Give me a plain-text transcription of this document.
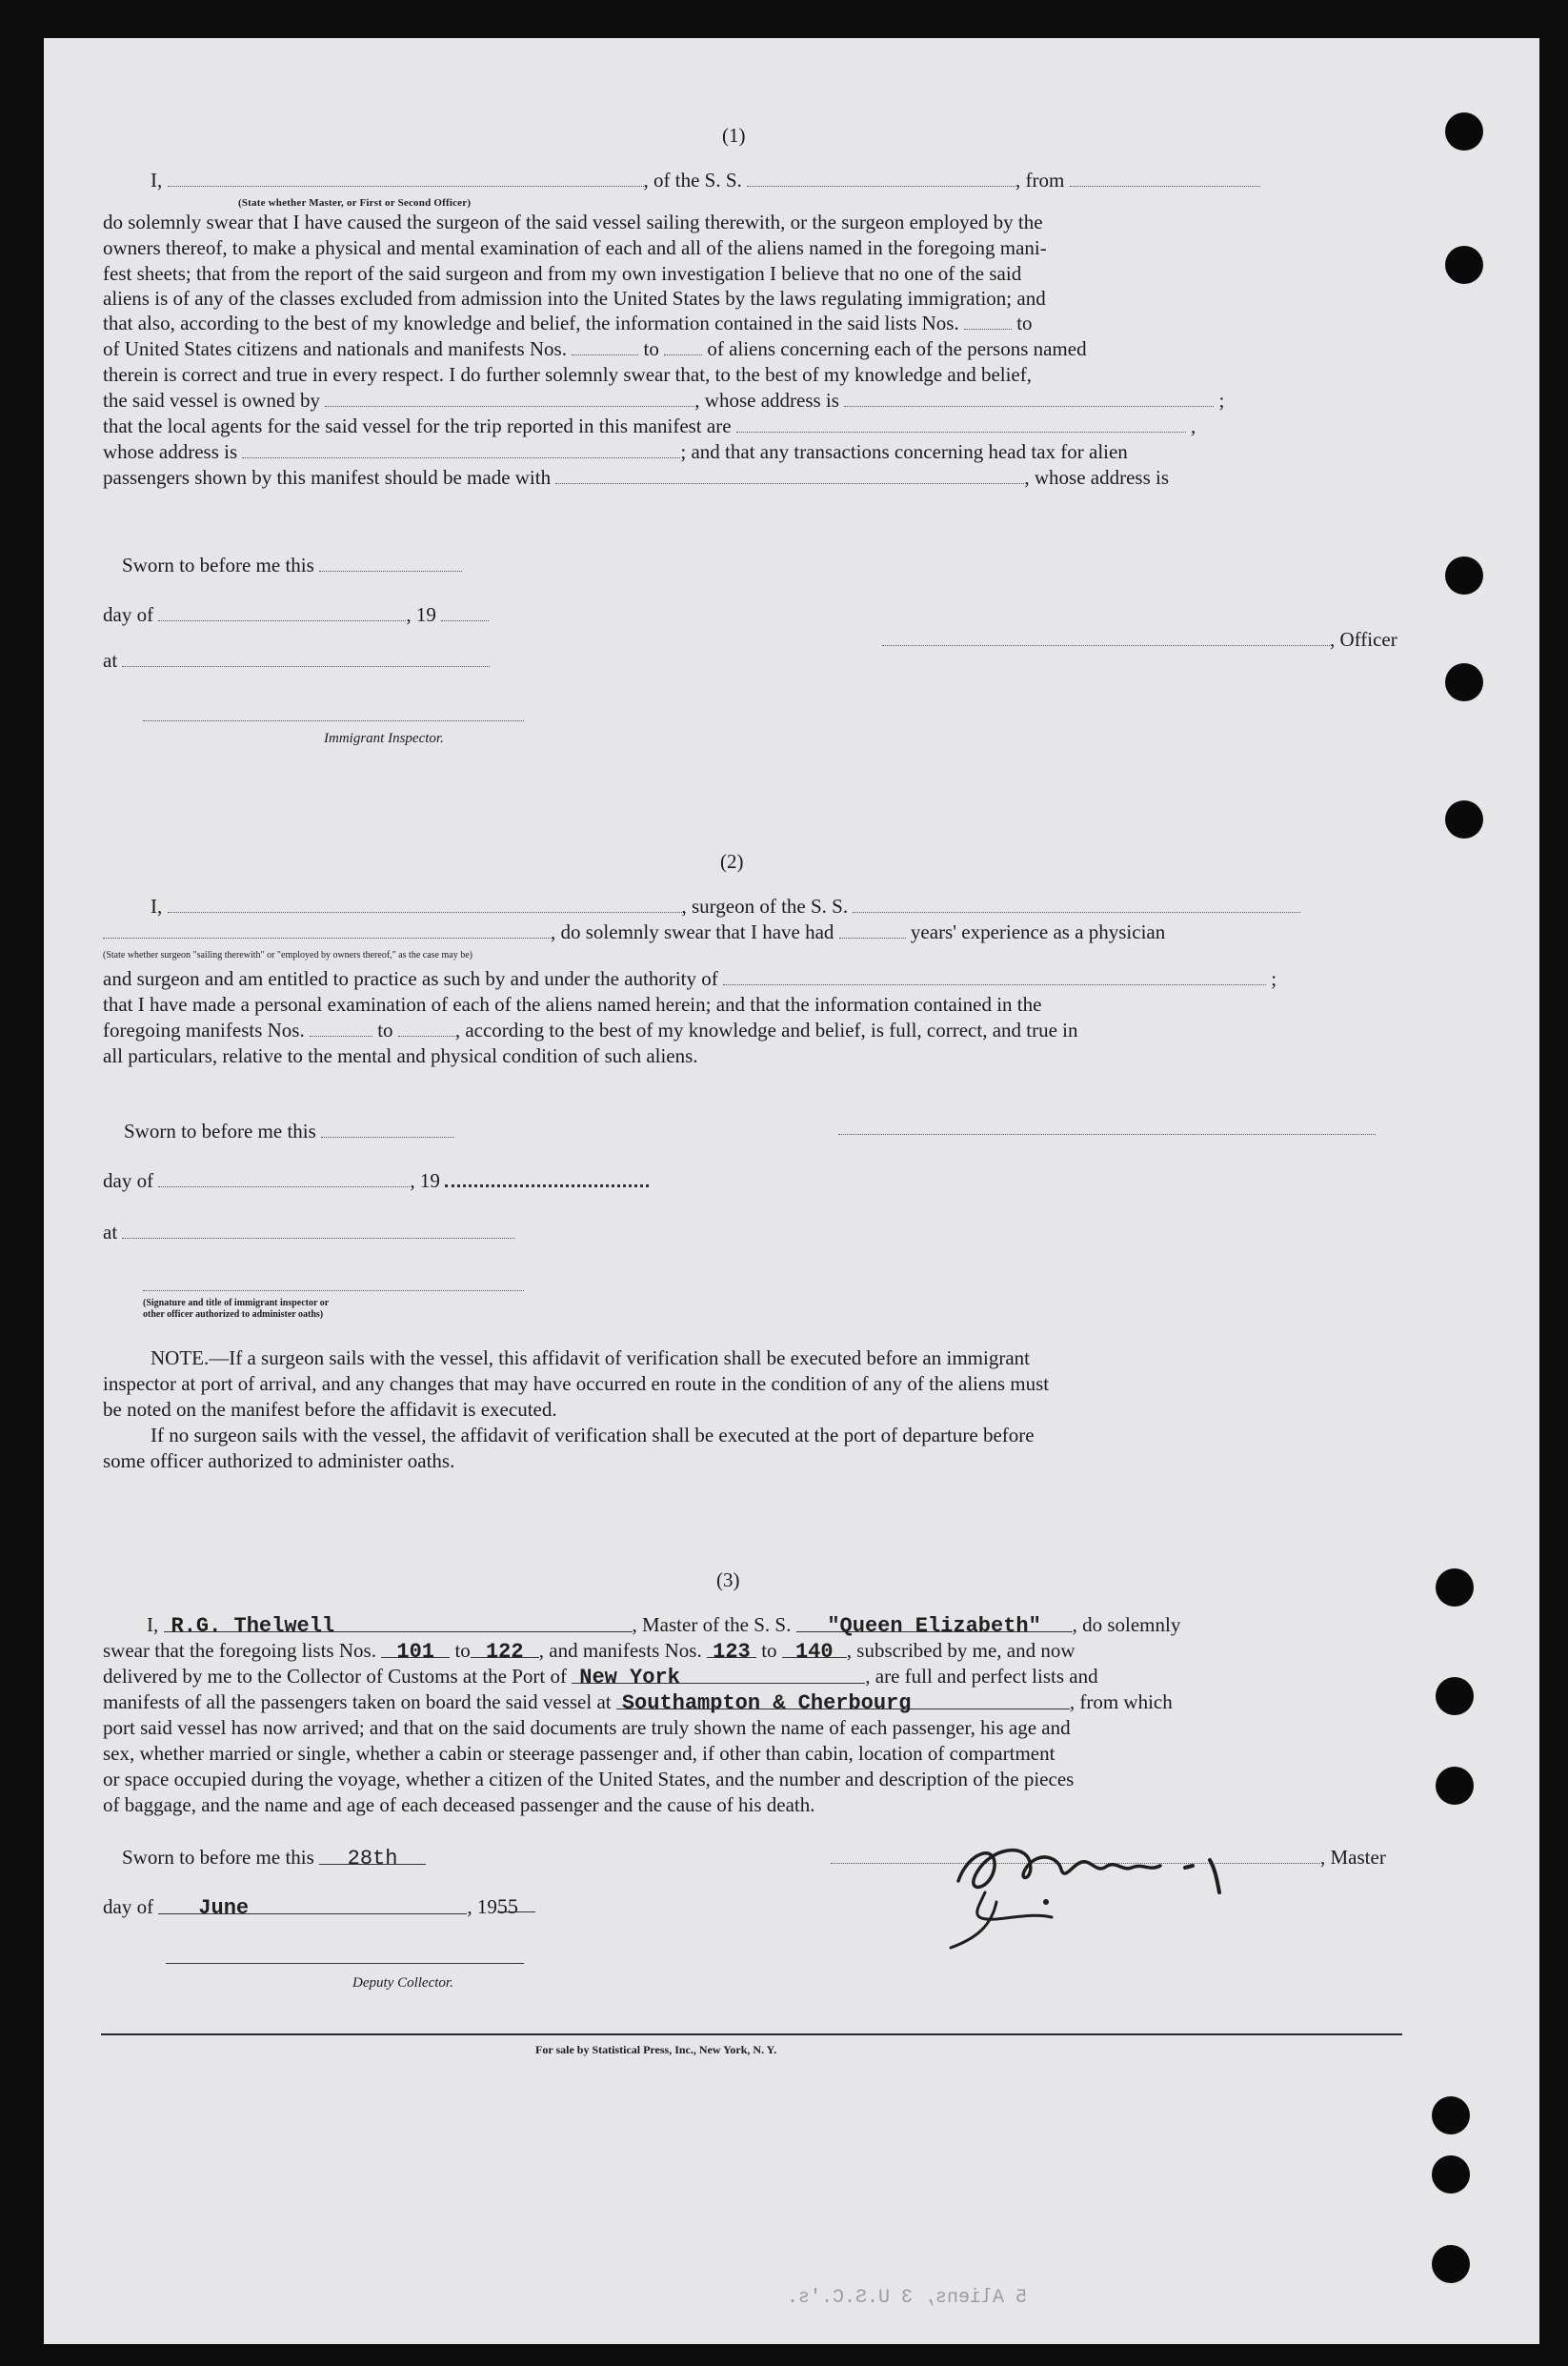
(1)
I,	, of the S. S.	, from
(State whether Master, or First or Second Officer)
do solemnly swear that I have caused the surgeon of the said vessel sailing therewith, or the surgeon employed by the
owners thereof, to make a physical and mental examination of each and all of the aliens named in the foregoing mani-
fest sheets; that from the report of the said surgeon and from my own investigation I believe that no one of the said
aliens is of any of the classes excluded from admission into the United States by the laws regulating immigration; and
that also, according to the best of my knowledge and belief, the information contained in the said lists Nos.	to
of United States citizens and nationals and manifests Nos.	to of aliens concerning each of the persons named
therein is correct and true in every respect. I do further solemnly swear that, to the best of my knowledge and belief,
the said vessel is owned by	, whose address is	;
that the local agents for the said vessel for the trip reported in this manifest are	,
whose address is	; and that any transactions concerning head tax for alien
passengers shown by this manifest should be made with	, whose address is
Sworn to before me this
day of	, 19
at
, Officer
Immigrant Inspector.
(2)
I,	, surgeon of the S. S.
, do solemnly swear that I have had	years' experience as a physician
(State whether surgeon "sailing therewith" or "employed by owners thereof," as the case may be)
and surgeon and am entitled to practice as such by and under the authority of	;
that I have made a personal examination of each of the aliens named herein; and that the information contained in the
foregoing manifests Nos.	to	, according to the best of my knowledge and belief, is full, correct, and true in
all particulars, relative to the mental and physical condition of such aliens.
Sworn to before me this
day of	, 19
at
(Signature and title of immigrant inspector or
other officer authorized to administer oaths)
NOTE.—If a surgeon sails with the vessel, this affidavit of verification shall be executed before an immigrant
inspector at port of arrival, and any changes that may have occurred en route in the condition of any of the aliens must
be noted on the manifest before the affidavit is executed.
If no surgeon sails with the vessel, the affidavit of verification shall be executed at the port of departure before
some officer authorized to administer oaths.
(3)
I, R.G. Thelwell	, Master of the S. S. "Queen Elizabeth" , do solemnly
swear that the foregoing lists Nos. 101 to 122 , and manifests Nos. 123 to 140 , subscribed by me, and now
delivered by me to the Collector of Customs at the Port of New York	, are full and perfect lists and
manifests of all the passengers taken on board the said vessel at Southampton & Cherbourg	, from which
port said vessel has now arrived; and that on the said documents are truly shown the name of each passenger, his age and
sex, whether married or single, whether a cabin or steerage passenger and, if other than cabin, location of compartment
or space occupied during the voyage, whether a citizen of the United States, and the number and description of the pieces
of baggage, and the name and age of each deceased passenger and the cause of his death.
Sworn to before me this 28th
day of June	, 1955
, Master
Deputy Collector.
For sale by Statistical Press, Inc., New York, N. Y.
5 Aliens, 3 U.S.C.'s.
